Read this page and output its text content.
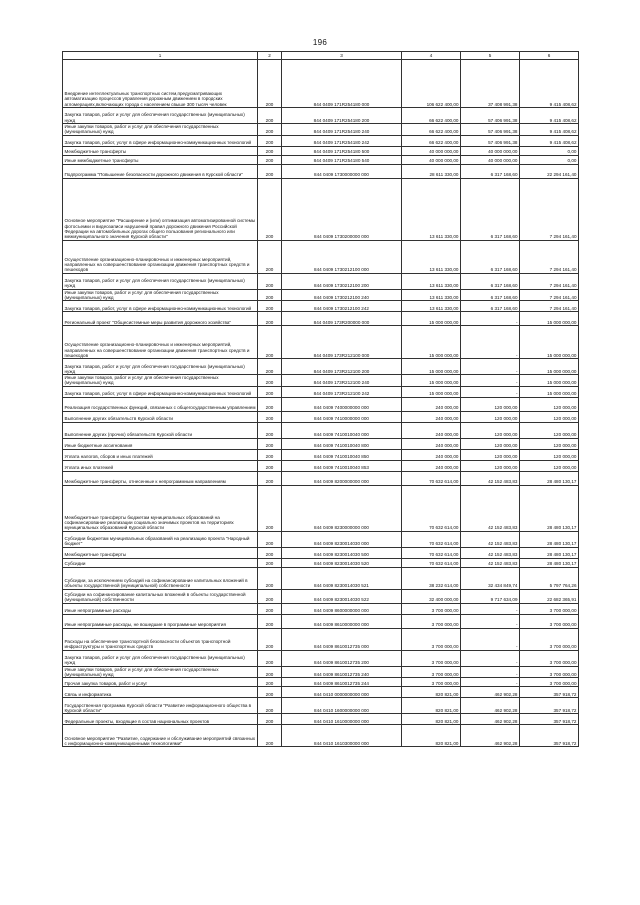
196
1	2	3	4	5	6
Внедрение интеллектуальных транспортных систем,предусматривающих автоматизацию процессов управления дорожным движением в городских агломерациях,включающих города с населением свыше 300 тысяч человек	200	844 0409 171R254180 000	106 622 400,00	37 408 991,38	9 415 408,62
Закупка товаров, работ и услуг для обеспечения государственных (муниципальных) нужд	200	844 0409 171R254180 200	66 622 400,00	57 406 991,38	9 415 408,62
Иные закупки товаров, работ и услуг для обеспечения государственных (муниципальных) нужд	200	844 0409 171R254180 240	66 622 400,00	57 406 991,38	9 415 408,62
Закупка товаров, работ, услуг в сфере информационно-коммуникационных технологий	200	844 0409 171R254180 242	66 622 400,00	57 406 991,38	9 415 408,62
Межбюджетные трансферты	200	844 0409 171R254180 500	40 000 000,00	40 000 000,00	0,00
Иные межбюджетные трансферты	200	844 0409 171R254180 540	40 000 000,00	40 000 000,00	0,00
Подпрограмма "Повышение безопасности дорожного движения в Курской области"	200	844 0409 1730000000 000	28 611 330,00	6 317 168,60	22 294 161,40
Основное мероприятие "Расширение и (или) оптимизация автоматизированной системы фотосъемки и видеозаписи нарушений правил дорожного движения Российской Федерации на автомобильных дорогах общего пользования регионального или межмуниципального значения Курской области"	200	844 0409 1730200000 000	13 611 330,00	6 317 168,60	7 294 161,40
Осуществление организационно-планировочных и инженерных мероприятий, направленных на совершенствование организации движения транспортных средств и пешеходов	200	844 0409 1730212100 000	13 611 330,00	6 317 168,60	7 294 161,40
Закупка товаров, работ и услуг для обеспечения государственных (муниципальных) нужд	200	844 0409 1730212100 200	13 611 330,00	6 317 168,60	7 294 161,40
Иные закупки товаров, работ и услуг для обеспечения государственных (муниципальных) нужд	200	844 0409 1730212100 240	13 611 330,00	6 317 168,60	7 294 161,40
Закупка товаров, работ, услуг в сфере информационно-коммуникационных технологий	200	844 0409 1730212100 242	13 611 330,00	6 317 168,60	7 294 161,40
Региональный проект "Общесистемные меры развития дорожного хозяйства"	200	844 0409 173R200000 000	15 000 000,00	-	15 000 000,00
Осуществление организационно-планировочных и инженерных мероприятий, направленных на совершенствование организации движения транспортных средств и пешеходов	200	844 0409 173R212100 000	15 000 000,00	-	15 000 000,00
Закупка товаров, работ и услуг для обеспечения государственных (муниципальных) нужд	200	844 0409 173R212100 200	15 000 000,00	-	15 000 000,00
Иные закупки товаров, работ и услуг для обеспечения государственных (муниципальных) нужд	200	844 0409 173R212100 240	15 000 000,00	-	15 000 000,00
Закупка товаров, работ, услуг в сфере информационно-коммуникационных технологий	200	844 0409 173R212100 242	15 000 000,00	-	15 000 000,00
Реализация государственных функций, связанных с общегосударственным управлением	200	844 0409 7400000000 000	240 000,00	120 000,00	120 000,00
Выполнение других обязательств Курской области	200	844 0409 7410000000 000	240 000,00	120 000,00	120 000,00
Выполнение других (прочих) обязательств Курской области	200	844 0409 7410010040 000	240 000,00	120 000,00	120 000,00
Иные бюджетные ассигнования	200	844 0409 7410010040 800	240 000,00	120 000,00	120 000,00
Уплата налогов, сборов и иных платежей	200	844 0409 7410010040 850	240 000,00	120 000,00	120 000,00
Уплата иных платежей	200	844 0409 7410010040 853	240 000,00	120 000,00	120 000,00
Межбюджетные трансферты, отнесенные к непрограммным направлениям	200	844 0409 8200000000 000	70 632 614,00	42 152 483,83	28 480 130,17
Межбюджетные трансферты бюджетам муниципальных образований на софинансирование реализации социально значимых проектов на территориях муниципальных образований Курской области	200	844 0409 8230000000 000	70 632 614,00	42 152 483,83	28 480 130,17
Субсидии бюджетам муниципальных образований на реализацию проекта "Народный бюджет"	200	844 0409 8230014030 000	70 632 614,00	42 152 483,83	28 480 130,17
Межбюджетные трансферты	200	844 0409 8230014030 500	70 632 614,00	42 152 483,83	28 480 130,17
Субсидии	200	844 0409 8230014030 520	70 632 614,00	42 152 483,83	28 480 130,17
Субсидии, за исключением субсидий на софинансирование капитальных вложений в объекты государственной (муниципальной) собственности	200	844 0409 8230014030 521	38 232 614,00	32 434 849,74	5 797 764,26
Субсидии на софинансирование капитальных вложений в объекты государственной (муниципальной) собственности	200	844 0409 8230014030 522	32 400 000,00	9 717 634,09	22 682 365,91
Иные непрограммные расходы	200	844 0409 8600000000 000	3 700 000,00	-	3 700 000,00
Иные непрограммные расходы, не вошедшие в программные мероприятия	200	844 0409 8610000000 000	3 700 000,00	-	3 700 000,00
Расходы на обеспечение транспортной безопасности объектов транспортной инфраструктуры и транспортных средств	200	844 0409 8610012735 000	3 700 000,00	-	3 700 000,00
Закупка товаров, работ и услуг для обеспечения государственных (муниципальных) нужд	200	844 0409 8610012735 200	3 700 000,00	-	3 700 000,00
Иные закупки товаров, работ и услуг для обеспечения государственных (муниципальных) нужд	200	844 0409 8610012735 240	3 700 000,00	-	3 700 000,00
Прочая закупка товаров, работ и услуг	200	844 0409 8610012735 244	3 700 000,00	-	3 700 000,00
Связь и информатика	200	844 0410 0000000000 000	820 821,00	462 902,28	357 918,72
Государственная программа Курской области "Развитие информационного общества в Курской области"	200	844 0410 1600000000 000	820 821,00	462 902,28	357 918,72
Федеральные проекты, входящие в состав национальных проектов	200	844 0410 1610000000 000	820 821,00	462 902,28	357 918,72
Основное мероприятие "Развитие, содержание и обслуживание мероприятий связанных с информационно-коммуникационными технологиями"	200	844 0410 1610300000 000	820 821,00	462 902,28	357 918,72
